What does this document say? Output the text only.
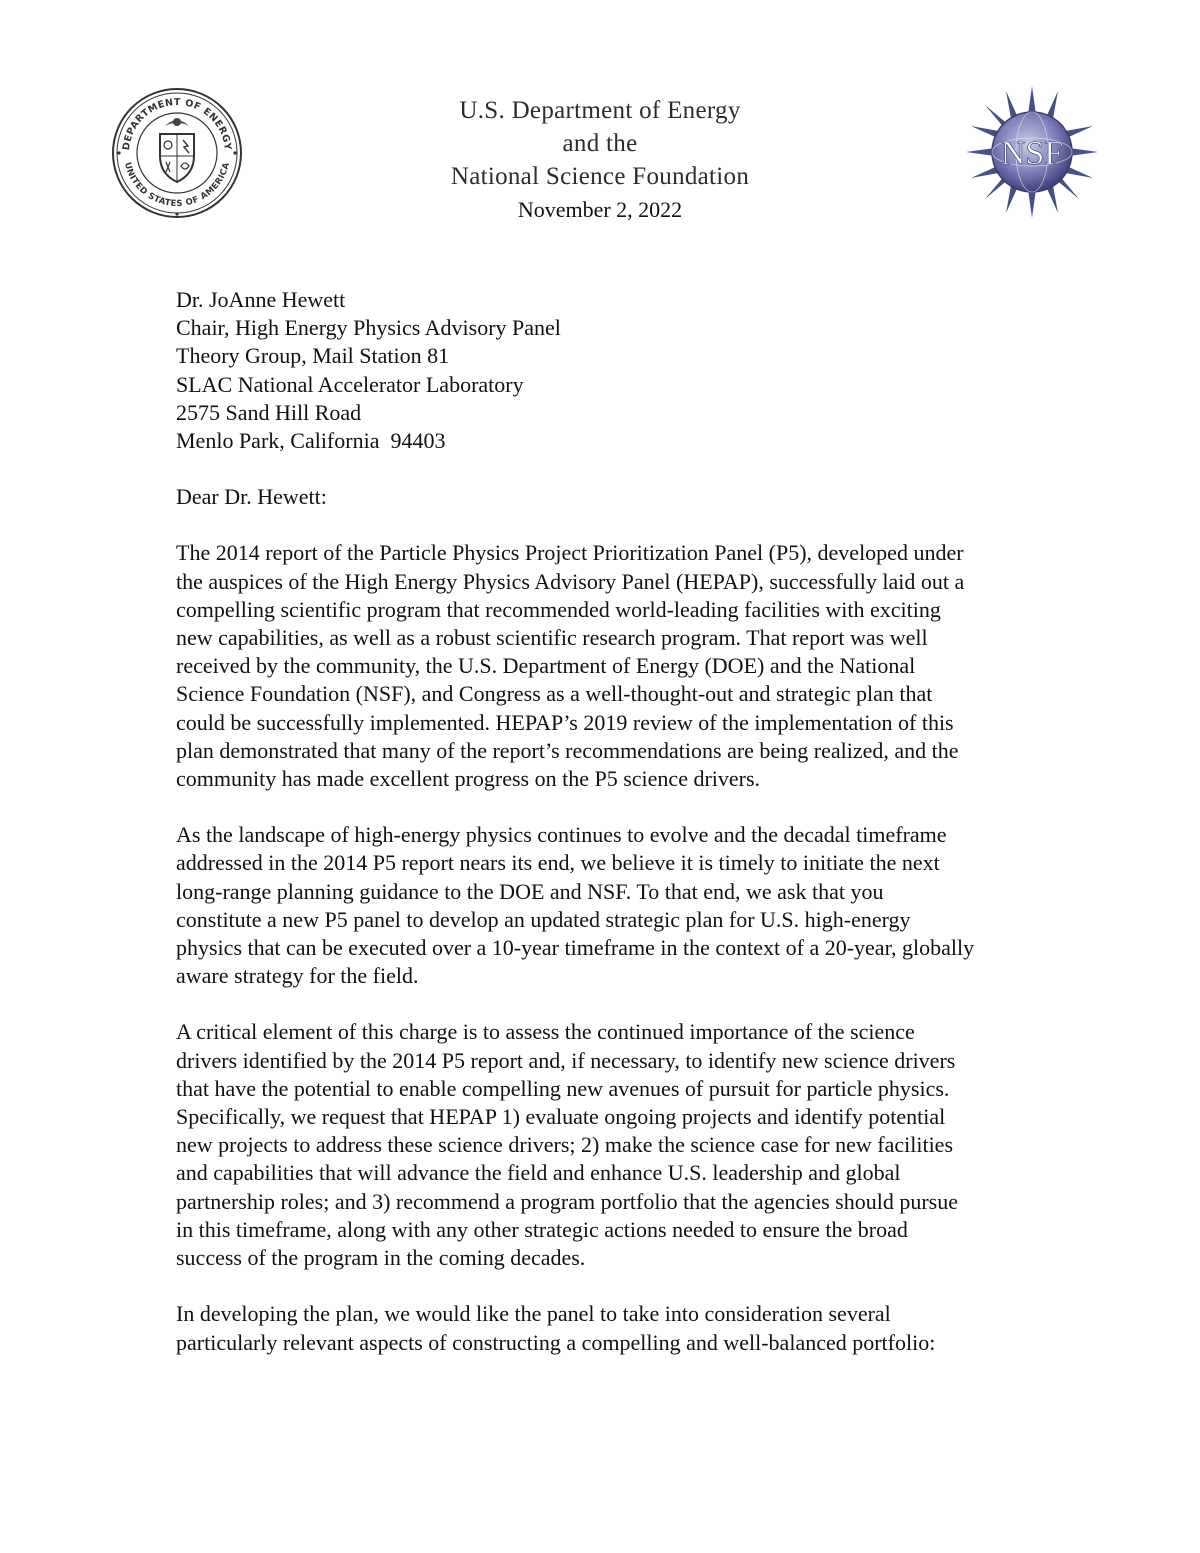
DEPARTMENT OF ENERGY
UNITED STATES OF AMERICA
U.S. Department of Energy
and the
National Science Foundation
November 2, 2022
NSF
Dr. JoAnne Hewett
Chair, High Energy Physics Advisory Panel
Theory Group, Mail Station 81
SLAC National Accelerator Laboratory
2575 Sand Hill Road
Menlo Park, California  94403
Dear Dr. Hewett:
The 2014 report of the Particle Physics Project Prioritization Panel (P5), developed under
the auspices of the High Energy Physics Advisory Panel (HEPAP), successfully laid out a
compelling scientific program that recommended world-leading facilities with exciting
new capabilities, as well as a robust scientific research program. That report was well
received by the community, the U.S. Department of Energy (DOE) and the National
Science Foundation (NSF), and Congress as a well-thought-out and strategic plan that
could be successfully implemented. HEPAP’s 2019 review of the implementation of this
plan demonstrated that many of the report’s recommendations are being realized, and the
community has made excellent progress on the P5 science drivers.
As the landscape of high-energy physics continues to evolve and the decadal timeframe
addressed in the 2014 P5 report nears its end, we believe it is timely to initiate the next
long-range planning guidance to the DOE and NSF. To that end, we ask that you
constitute a new P5 panel to develop an updated strategic plan for U.S. high-energy
physics that can be executed over a 10-year timeframe in the context of a 20-year, globally
aware strategy for the field.
A critical element of this charge is to assess the continued importance of the science
drivers identified by the 2014 P5 report and, if necessary, to identify new science drivers
that have the potential to enable compelling new avenues of pursuit for particle physics.
Specifically, we request that HEPAP 1) evaluate ongoing projects and identify potential
new projects to address these science drivers; 2) make the science case for new facilities
and capabilities that will advance the field and enhance U.S. leadership and global
partnership roles; and 3) recommend a program portfolio that the agencies should pursue
in this timeframe, along with any other strategic actions needed to ensure the broad
success of the program in the coming decades.
In developing the plan, we would like the panel to take into consideration several
particularly relevant aspects of constructing a compelling and well-balanced portfolio:
